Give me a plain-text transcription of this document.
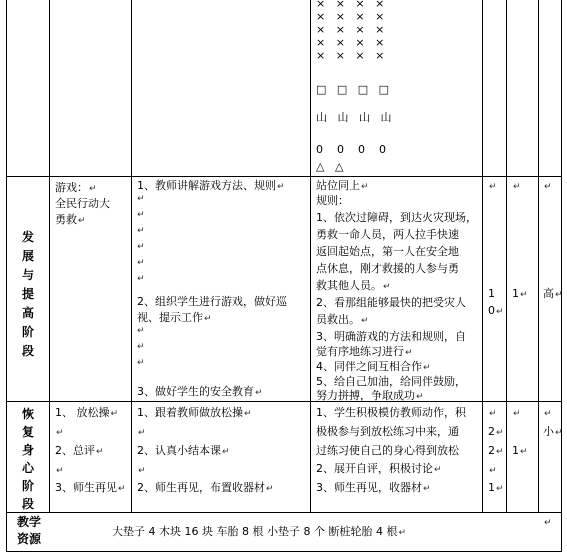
×   ×   ×   ×
×   ×   ×   ×
×   ×   ×   ×
×   ×   ×   ×
×   ×   ×   ×
□   □   □   □
山   山   山   山
0    0    0    0
△   △
发
展
与
提
高
阶
段
游戏：↵
全民行动大
勇救↵
1、教师讲解游戏方法、规则↵
↵
↵
↵
↵
↵
↵
2、组织学生进行游戏，做好巡
视、提示工作↵
↵
↵
↵
3、做好学生的安全教育↵
站位同上↵
规则：
1、依次过障碍，到达火灾现场，
勇救一命人员，两人拉手快速
返回起始点，第一人在安全地
点休息，刚才救援的人参与勇
救其他人员。↵
2、看那组能够最快的把受灾人
员救出。↵
3、明确游戏的方法和规则，自
觉有序地练习进行↵
4、同伴之间互相合作↵
5、给自己加油，给同伴鼓励，
努力拼搏，争取成功↵
↵
1
0↵
↵
1↵
↵
高↵
恢
复
身
心
阶
段
1、 放松操↵
↵
2、总评↵
↵
3、师生再见↵
1、跟着教师做放松操↵
↵
2、认真小结本课↵
↵
2、师生再见，布置收器材↵
1、学生积极模仿教师动作，积
极极参与到放松练习中来，通
过练习使自己的身心得到放松
2、展开自评，积极讨论↵
3、师生再见，收器材↵
↵
2↵
2↵
↵
1↵
↵
1↵
↵
小↵
教学
资源
大垫子 4 木块 16 块 车胎 8 根 小垫子 8 个 断桩轮胎 4 根↵
↵
